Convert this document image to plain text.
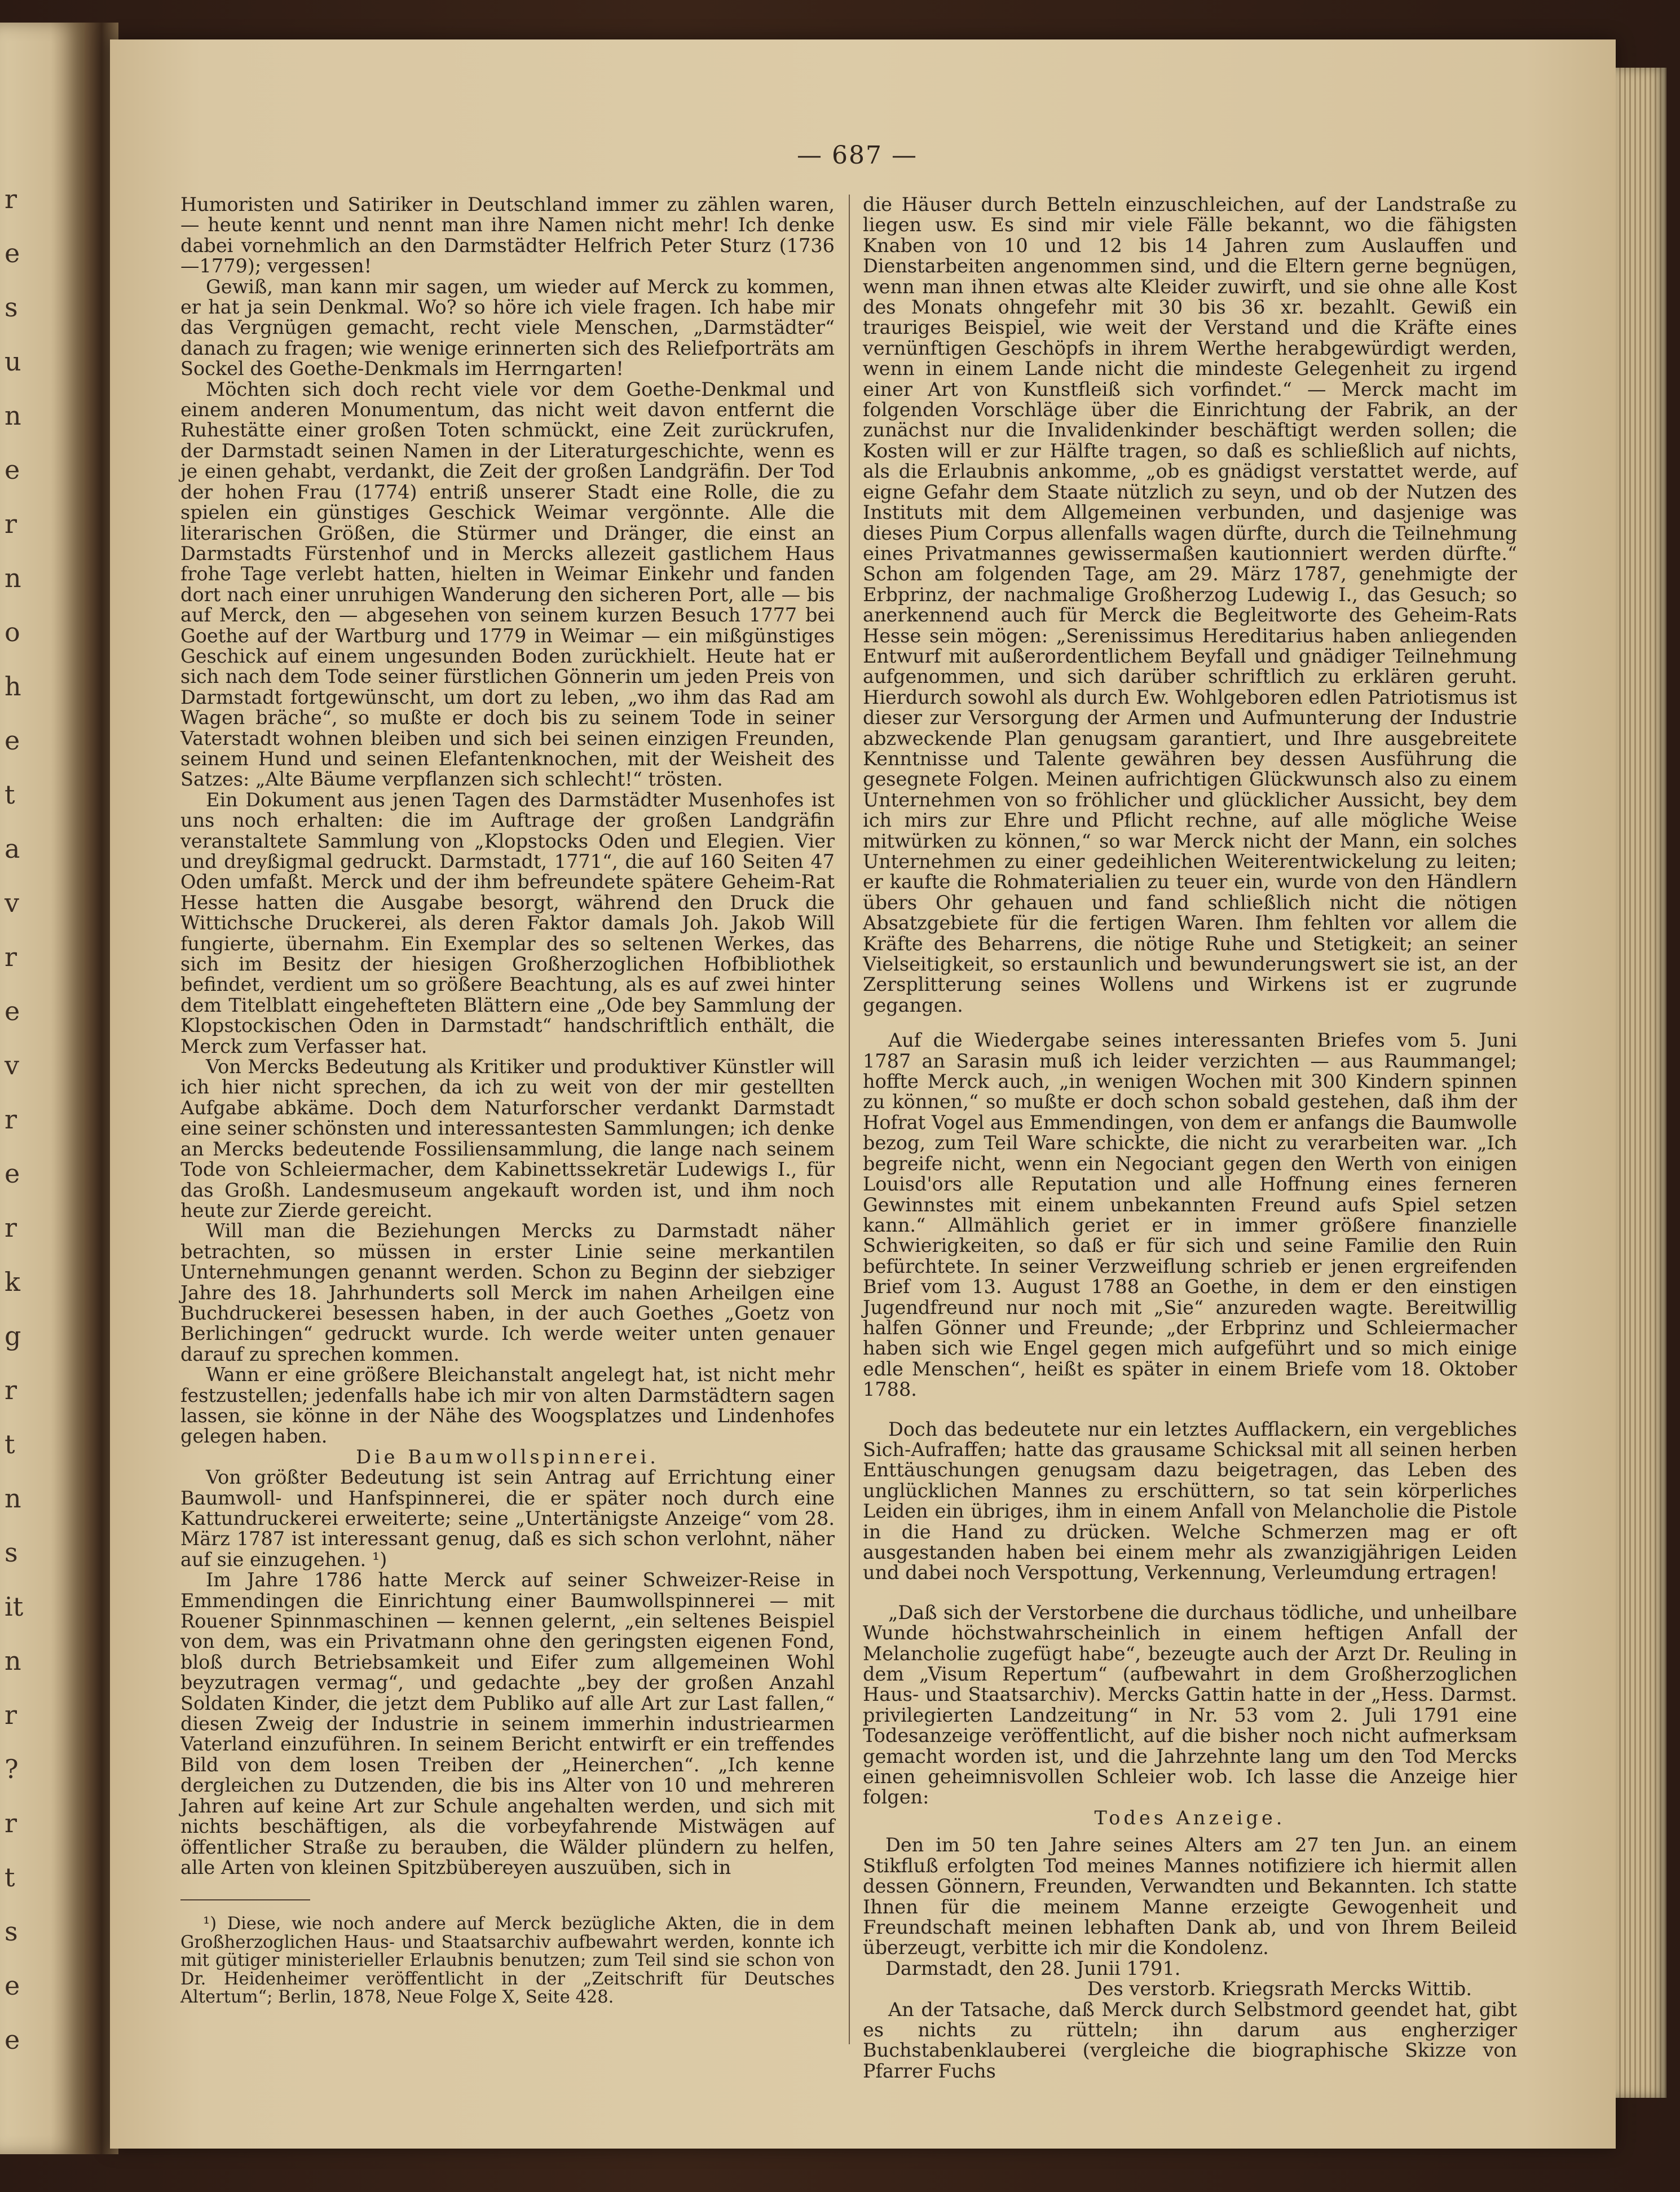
r
e
s
u
n
e
r
n
o
h
e
t
a
v
r
e
v
r
e
r
k
g
r
t
n
s
it
n
r
?
r
t
s
e
e
— 687 —

Humoristen und Satiriker in Deutschland immer zu zählen waren, — heute kennt und nennt man ihre Namen nicht mehr! Ich denke dabei vornehmlich an den Darmstädter Helfrich Peter Sturz (1736—1779); vergessen!

Gewiß, man kann mir sagen, um wieder auf Merck zu kommen, er hat ja sein Denkmal. Wo? so höre ich viele fragen. Ich habe mir das Vergnügen gemacht, recht viele Menschen, „Darmstädter“ danach zu fragen; wie wenige erinnerten sich des Reliefporträts am Sockel des Goethe-Denkmals im Herrngarten!

Möchten sich doch recht viele vor dem Goethe-Denkmal und einem anderen Monumentum, das nicht weit davon entfernt die Ruhestätte einer großen Toten schmückt, eine Zeit zurückrufen, der Darmstadt seinen Namen in der Literaturgeschichte, wenn es je einen gehabt, verdankt, die Zeit der großen Landgräfin. Der Tod der hohen Frau (1774) entriß unserer Stadt eine Rolle, die zu spielen ein günstiges Geschick Weimar vergönnte. Alle die literarischen Größen, die Stürmer und Dränger, die einst an Darmstadts Fürstenhof und in Mercks allezeit gastlichem Haus frohe Tage verlebt hatten, hielten in Weimar Einkehr und fanden dort nach einer unruhigen Wanderung den sicheren Port, alle — bis auf Merck, den — abgesehen von seinem kurzen Besuch 1777 bei Goethe auf der Wartburg und 1779 in Weimar — ein mißgünstiges Geschick auf einem ungesunden Boden zurückhielt. Heute hat er sich nach dem Tode seiner fürstlichen Gönnerin um jeden Preis von Darmstadt fortgewünscht, um dort zu leben, „wo ihm das Rad am Wagen bräche“, so mußte er doch bis zu seinem Tode in seiner Vaterstadt wohnen bleiben und sich bei seinen einzigen Freunden, seinem Hund und seinen Elefantenknochen, mit der Weisheit des Satzes: „Alte Bäume verpflanzen sich schlecht!“ trösten.

Ein Dokument aus jenen Tagen des Darmstädter Musenhofes ist uns noch erhalten: die im Auftrage der großen Landgräfin veranstaltete Sammlung von „Klopstocks Oden und Elegien. Vier und dreyßigmal gedruckt. Darmstadt, 1771“, die auf 160 Seiten 47 Oden umfaßt. Merck und der ihm befreundete spätere Geheim-Rat Hesse hatten die Ausgabe besorgt, während den Druck die Wittichsche Druckerei, als deren Faktor damals Joh. Jakob Will fungierte, übernahm. Ein Exemplar des so seltenen Werkes, das sich im Besitz der hiesigen Großherzoglichen Hofbibliothek befindet, verdient um so größere Beachtung, als es auf zwei hinter dem Titelblatt eingehefteten Blättern eine „Ode bey Sammlung der Klopstockischen Oden in Darmstadt“ handschriftlich enthält, die Merck zum Verfasser hat.

Von Mercks Bedeutung als Kritiker und produktiver Künstler will ich hier nicht sprechen, da ich zu weit von der mir gestellten Aufgabe abkäme. Doch dem Naturforscher verdankt Darmstadt eine seiner schönsten und interessantesten Sammlungen; ich denke an Mercks bedeutende Fossiliensammlung, die lange nach seinem Tode von Schleiermacher, dem Kabinettssekretär Ludewigs I., für das Großh. Landesmuseum angekauft worden ist, und ihm noch heute zur Zierde gereicht.

Will man die Beziehungen Mercks zu Darmstadt näher betrachten, so müssen in erster Linie seine merkantilen Unternehmungen genannt werden. Schon zu Beginn der siebziger Jahre des 18. Jahrhunderts soll Merck im nahen Arheilgen eine Buchdruckerei besessen haben, in der auch Goethes „Goetz von Berlichingen“ gedruckt wurde. Ich werde weiter unten genauer darauf zu sprechen kommen.

Wann er eine größere Bleichanstalt angelegt hat, ist nicht mehr festzustellen; jedenfalls habe ich mir von alten Darmstädtern sagen lassen, sie könne in der Nähe des Woogsplatzes und Lindenhofes gelegen haben.

Die Baumwollspinnerei.

Von größter Bedeutung ist sein Antrag auf Errichtung einer Baumwoll- und Hanfspinnerei, die er später noch durch eine Kattundruckerei erweiterte; seine „Untertänigste Anzeige“ vom 28. März 1787 ist interessant genug, daß es sich schon verlohnt, näher auf sie einzugehen. ¹)

Im Jahre 1786 hatte Merck auf seiner Schweizer-Reise in Emmendingen die Einrichtung einer Baumwollspinnerei — mit Rouener Spinnmaschinen — kennen gelernt, „ein seltenes Beispiel von dem, was ein Privatmann ohne den geringsten eigenen Fond, bloß durch Betriebsamkeit und Eifer zum allgemeinen Wohl beyzutragen vermag“, und gedachte „bey der großen Anzahl Soldaten Kinder, die jetzt dem Publiko auf alle Art zur Last fallen,“ diesen Zweig der Industrie in seinem immerhin industriearmen Vaterland einzuführen. In seinem Bericht entwirft er ein treffendes Bild von dem losen Treiben der „Heinerchen“. „Ich kenne dergleichen zu Dutzenden, die bis ins Alter von 10 und mehreren Jahren auf keine Art zur Schule angehalten werden, und sich mit nichts beschäftigen, als die vorbeyfahrende Mistwägen auf öffentlicher Straße zu berauben, die Wälder plündern zu helfen, alle Arten von kleinen Spitzbübereyen auszuüben, sich in

¹) Diese, wie noch andere auf Merck bezügliche Akten, die in dem Großherzoglichen Haus- und Staatsarchiv aufbewahrt werden, konnte ich mit gütiger ministerieller Erlaubnis benutzen; zum Teil sind sie schon von Dr. Heidenheimer veröffentlicht in der „Zeitschrift für Deutsches Altertum“; Berlin, 1878, Neue Folge X, Seite 428.

die Häuser durch Betteln einzuschleichen, auf der Landstraße zu liegen usw. Es sind mir viele Fälle bekannt, wo die fähigsten Knaben von 10 und 12 bis 14 Jahren zum Auslauffen und Dienstarbeiten angenommen sind, und die Eltern gerne begnügen, wenn man ihnen etwas alte Kleider zuwirft, und sie ohne alle Kost des Monats ohngefehr mit 30 bis 36 xr. bezahlt. Gewiß ein trauriges Beispiel, wie weit der Verstand und die Kräfte eines vernünftigen Geschöpfs in ihrem Werthe herabgewürdigt werden, wenn in einem Lande nicht die mindeste Gelegenheit zu irgend einer Art von Kunstfleiß sich vorfindet.“ — Merck macht im folgenden Vorschläge über die Einrichtung der Fabrik, an der zunächst nur die Invalidenkinder beschäftigt werden sollen; die Kosten will er zur Hälfte tragen, so daß es schließlich auf nichts, als die Erlaubnis ankomme, „ob es gnädigst verstattet werde, auf eigne Gefahr dem Staate nützlich zu seyn, und ob der Nutzen des Instituts mit dem Allgemeinen verbunden, und dasjenige was dieses Pium Corpus allenfalls wagen dürfte, durch die Teilnehmung eines Privatmannes gewissermaßen kautionniert werden dürfte.“ Schon am folgenden Tage, am 29. März 1787, genehmigte der Erbprinz, der nachmalige Großherzog Ludewig I., das Gesuch; so anerkennend auch für Merck die Begleitworte des Geheim-Rats Hesse sein mögen: „Serenissimus Hereditarius haben anliegenden Entwurf mit außerordentlichem Beyfall und gnädiger Teilnehmung aufgenommen, und sich darüber schriftlich zu erklären geruht. Hierdurch sowohl als durch Ew. Wohlgeboren edlen Patriotismus ist dieser zur Versorgung der Armen und Aufmunterung der Industrie abzweckende Plan genugsam garantiert, und Ihre ausgebreitete Kenntnisse und Talente gewähren bey dessen Ausführung die gesegnete Folgen. Meinen aufrichtigen Glückwunsch also zu einem Unternehmen von so fröhlicher und glücklicher Aussicht, bey dem ich mirs zur Ehre und Pflicht rechne, auf alle mögliche Weise mitwürken zu können,“ so war Merck nicht der Mann, ein solches Unternehmen zu einer gedeihlichen Weiterentwickelung zu leiten; er kaufte die Rohmaterialien zu teuer ein, wurde von den Händlern übers Ohr gehauen und fand schließlich nicht die nötigen Absatzgebiete für die fertigen Waren. Ihm fehlten vor allem die Kräfte des Beharrens, die nötige Ruhe und Stetigkeit; an seiner Vielseitigkeit, so erstaunlich und bewunderungswert sie ist, an der Zersplitterung seines Wollens und Wirkens ist er zugrunde gegangen.

Auf die Wiedergabe seines interessanten Briefes vom 5. Juni 1787 an Sarasin muß ich leider verzichten — aus Raummangel; hoffte Merck auch, „in wenigen Wochen mit 300 Kindern spinnen zu können,“ so mußte er doch schon sobald gestehen, daß ihm der Hofrat Vogel aus Emmendingen, von dem er anfangs die Baumwolle bezog, zum Teil Ware schickte, die nicht zu verarbeiten war. „Ich begreife nicht, wenn ein Negociant gegen den Werth von einigen Louisd'ors alle Reputation und alle Hoffnung eines ferneren Gewinnstes mit einem unbekannten Freund aufs Spiel setzen kann.“ Allmählich geriet er in immer größere finanzielle Schwierigkeiten, so daß er für sich und seine Familie den Ruin befürchtete. In seiner Verzweiflung schrieb er jenen ergreifenden Brief vom 13. August 1788 an Goethe, in dem er den einstigen Jugendfreund nur noch mit „Sie“ anzureden wagte. Bereitwillig halfen Gönner und Freunde; „der Erbprinz und Schleiermacher haben sich wie Engel gegen mich aufgeführt und so mich einige edle Menschen“, heißt es später in einem Briefe vom 18. Oktober 1788.

Doch das bedeutete nur ein letztes Aufflackern, ein vergebliches Sich-Aufraffen; hatte das grausame Schicksal mit all seinen herben Enttäuschungen genugsam dazu beigetragen, das Leben des unglücklichen Mannes zu erschüttern, so tat sein körperliches Leiden ein übriges, ihm in einem Anfall von Melancholie die Pistole in die Hand zu drücken. Welche Schmerzen mag er oft ausgestanden haben bei einem mehr als zwanzigjährigen Leiden und dabei noch Verspottung, Verkennung, Verleumdung ertragen!

„Daß sich der Verstorbene die durchaus tödliche, und unheilbare Wunde höchstwahrscheinlich in einem heftigen Anfall der Melancholie zugefügt habe“, bezeugte auch der Arzt Dr. Reuling in dem „Visum Repertum“ (aufbewahrt in dem Großherzoglichen Haus- und Staatsarchiv). Mercks Gattin hatte in der „Hess. Darmst. privilegierten Landzeitung“ in Nr. 53 vom 2. Juli 1791 eine Todesanzeige veröffentlicht, auf die bisher noch nicht aufmerksam gemacht worden ist, und die Jahrzehnte lang um den Tod Mercks einen geheimnisvollen Schleier wob. Ich lasse die Anzeige hier folgen:

Todes Anzeige.

Den im 50 ten Jahre seines Alters am 27 ten Jun. an einem Stikfluß erfolgten Tod meines Mannes notifiziere ich hiermit allen dessen Gönnern, Freunden, Verwandten und Bekannten. Ich statte Ihnen für die meinem Manne erzeigte Gewogenheit und Freundschaft meinen lebhaften Dank ab, und von Ihrem Beileid überzeugt, verbitte ich mir die Kondolenz.

Darmstadt, den 28. Junii 1791.

Des verstorb. Kriegsrath Mercks Wittib.

An der Tatsache, daß Merck durch Selbstmord geendet hat, gibt es nichts zu rütteln; ihn darum aus engherziger Buchstabenklauberei (vergleiche die biographische Skizze von Pfarrer Fuchs
